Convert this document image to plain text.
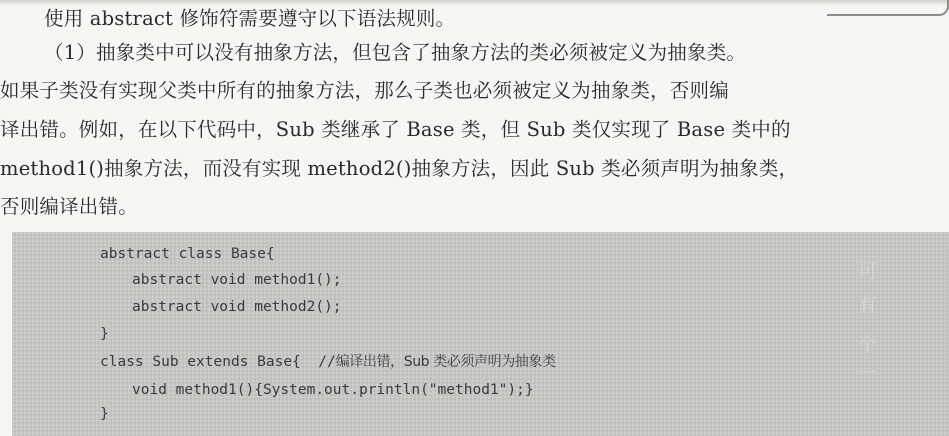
使用 abstract 修饰符需要遵守以下语法规则。
（1）抽象类中可以没有抽象方法，但包含了抽象方法的类必须被定义为抽象类。
如果子类没有实现父类中所有的抽象方法，那么子类也必须被定义为抽象类，否则编
译出错。例如，在以下代码中，Sub 类继承了 Base 类，但 Sub 类仅实现了 Base 类中的
method1()抽象方法，而没有实现 method2()抽象方法，因此 Sub 类必须声明为抽象类，
否则编译出错。
可
有
个
一
abstract class Base{
abstract void method1();
abstract void method2();
}
class Sub extends Base{  //编译出错，Sub 类必须声明为抽象类
void method1(){System.out.println("method1");}
}
